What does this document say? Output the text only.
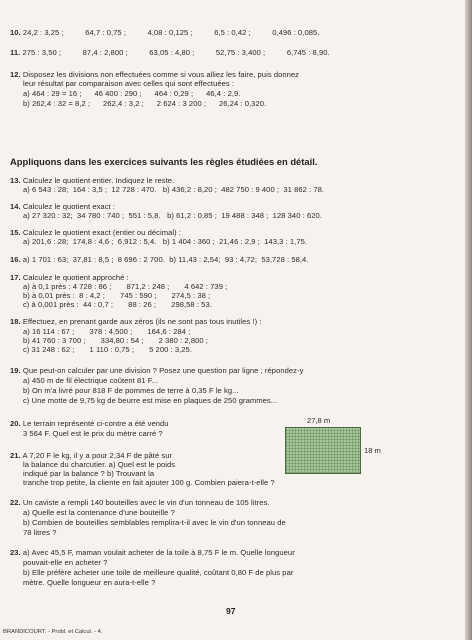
10. 24,2 : 3,25 ;          64,7 : 0,75 ;          4,08 : 0,125 ;          6,5 : 0,42 ;          0,496 : 0,085.

11. 275 : 3,50 ;          87,4 : 2,800 ;          63,05 : 4,80 ;          52,75 : 3,400 ;          6,745 : 8,90.

12. Disposez les divisions non effectuées comme si vous alliez les faire, puis donnez

leur résultat par comparaison avec celles qui sont effectuées :

a) 464 : 29 = 16 ;      46 400 : 290 ;      464 : 0,29 ;      46,4 : 2,9.

b) 262,4 : 32 = 8,2 ;      262,4 : 3,2 ;      2 624 : 3 200 ;      26,24 : 0,320.

13. Calculez le quotient entier. Indiquez le reste.

a) 6 543 : 28;  164 : 3,5 ;  12 728 : 470.   b) 436,2 : 8,20 ;  482 750 : 9 400 ;  31 862 : 78.

14. Calculez le quotient exact :

a) 27 320 : 32;  34 780 : 740 ;  551 : 5,8.   b) 61,2 : 0,85 ;  19 488 : 348 ;  128 340 : 620.

15. Calculez le quotient exact (entier ou décimal) :

a) 201,6 : 28;  174,8 : 4,6 ;  6,912 : 5,4.   b) 1 404 : 360 ;  21,46 : 2,9 ;  143,3 : 1,75.

16. a) 1 701 : 63;  37,81 : 8,5 ;  8 696 : 2 700.  b) 11,43 : 2,54;  93 : 4,72;  53,728 : 58,4.

17. Calculez le quotient approché :

a) à 0,1 près : 4 728 : 86 ;       871,2 : 248 ;       4 642 : 739 ;

b) à 0,01 près :  8 : 4,2 ;       745 : 590 ;       274,5 : 38 ;

c) à 0,001 près :  44 : 0,7 ;       88 : 26 ;       298,58 : 53.

18. Effectuez, en prenant garde aux zéros (ils ne sont pas tous inutiles !) :

a) 16 114 : 67 ;       378 : 4,500 ;       164,6 : 284 ;

b) 41 760 : 3 700 ;       334,80 : 54 ;       2 380 : 2,800 ;

c) 31 248 : 62 ;       1 110 : 0,75 ;       5 200 : 3,25.

19. Que peut-on calculer par une division ? Posez une question par ligne ; répondez-y

a) 450 m de fil électrique coûtent 81 F...

b) On m'a livré pour 818 F de pommes de terre à 0,35 F le kg...

c) Une motte de 9,75 kg de beurre est mise en plaques de 250 grammes...

20. Le terrain représenté ci-contre a été vendu

3 564 F. Quel est le prix du mètre carré ?

21. A 7,20 F le kg, il y a pour 2,34 F de pâté sur

la balance du charcutier. a) Quel est le poids

indiqué par la balance ? b) Trouvant la

tranche trop petite, la cliente en fait ajouter 100 g. Combien paiera-t-elle ?

22. Un caviste a rempli 140 bouteilles avec le vin d'un tonneau de 105 litres.

a) Quelle est la contenance d'une bouteille ?

b) Combien de bouteilles semblables remplira-t-il avec le vin d'un tonneau de

78 litres ?

23. a) Avec 45,5 F, maman voulait acheter de la toile à 8,75 F le m. Quelle longueur

pouvait-elle en acheter ?

b) Elle préfère acheter une toile de meilleure qualité, coûtant 0,80 F de plus par

mètre. Quelle longueur en aura-t-elle ?

Appliquons dans les exercices suivants les règles étudiées en détail.

27,8 m
18 m
97
BRANDICOURT. - Probl. et Calcul. - 4.
